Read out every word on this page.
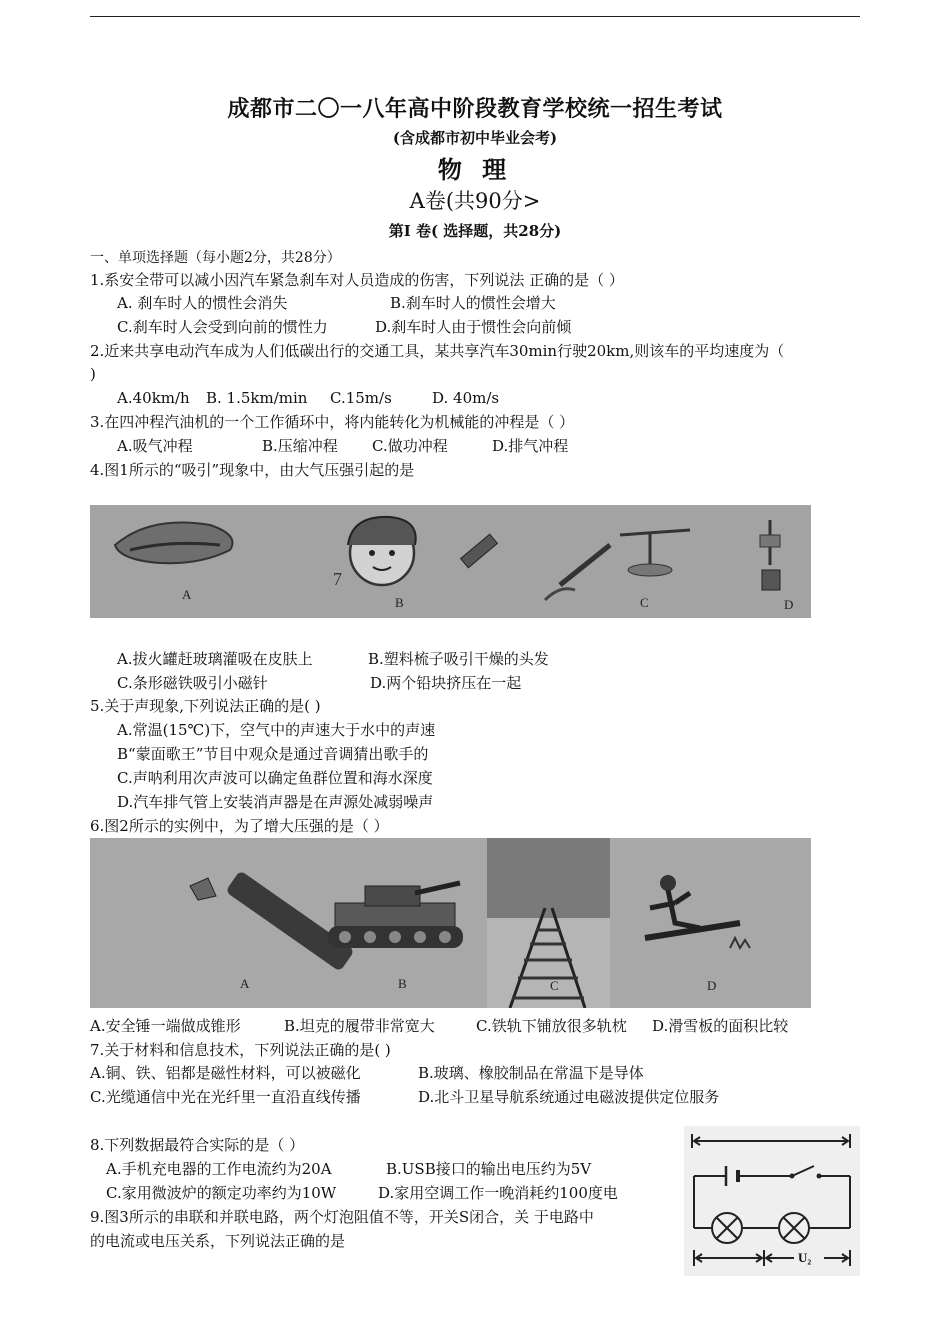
成都市二〇一八年高中阶段教育学校统一招生考试
(含成都市初中毕业会考)
物 理
A卷(共90分>
第Ⅰ 卷( 选择题，共28分)
一、单项选择题（每小题2分，共28分）
1.系安全带可以减小因汽车紧急刹车对人员造成的伤害，下列说法 正确的是（ ）
A. 刹车时人的惯性会消失	B.刹车时人的惯性会增大
C.刹车时人会受到向前的惯性力	D.刹车时人由于惯性会向前倾
2.近来共享电动汽车成为人们低碳出行的交通工具，某共享汽车30min行驶20km,则该车的平均速度为（
)
A.40km/h B. 1.5km/min C.15m/s	D. 40m/s
3.在四冲程汽油机的一个工作循环中，将内能转化为机械能的冲程是（ ）
A.吸气冲程	B.压缩冲程 C.做功冲程	D.排气冲程
4.图1所示的“吸引”现象中，由大气压强引起的是
7
A
B	C	D
A.拔火罐赶玻璃灌吸在皮肤上	B.塑料梳子吸引干燥的头发
C.条形磁铁吸引小磁针	D.两个铅块挤压在一起
5.关于声现象,下列说法正确的是( )
A.常温(15℃)下，空气中的声速大于水中的声速
B“蒙面歌王”节目中观众是通过音调猜出歌手的
C.声呐利用次声波可以确定鱼群位置和海水深度
D.汽车排气管上安装消声器是在声源处减弱噪声
6.图2所示的实例中，为了增大压强的是（ ）
A	B	C	D
A.安全锤一端做成锥形	B.坦克的履带非常宽大	C.铁轨下铺放很多轨枕 D.滑雪板的面积比较
7.关于材料和信息技术，下列说法正确的是( )
A.铜、铁、铝都是磁性材料，可以被磁化	B.玻璃、橡胶制品在常温下是导体
C.光缆通信中光在光纤里一直沿直线传播	D.北斗卫星导航系统通过电磁波提供定位服务
8.下列数据最符合实际的是（ ）
A.手机充电器的工作电流约为20A	B.USB接口的输出电压约为5V
C.家用微波炉的额定功率约为10W	D.家用空调工作一晚消耗约100度电
9.图3所示的串联和并联电路，两个灯泡阻值不等，开关S闭合，关 于电路中
的电流或电压关系，下列说法正确的是
U₂
